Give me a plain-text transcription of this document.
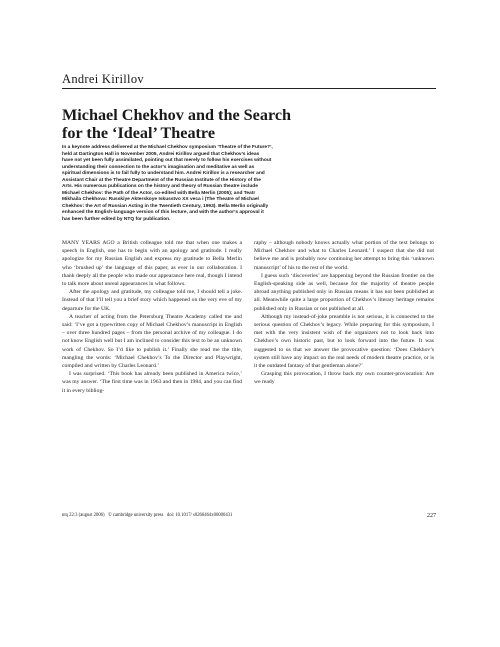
Andrei Kirillov
Michael Chekhov and the Search
for the ‘Ideal’ Theatre
In a keynote address delivered at the Michael Chekhov symposium ‘Theatre of the Future?’,
held at Dartington Hall in November 2005, Andrei Kirillov argued that Chekhov’s ideas
have not yet been fully assimilated, pointing out that merely to follow his exercises without
understanding their connection to the actor’s imagination and meditative as well as
spiritual dimensions is to fail fully to understand him. Andrei Kirillov is a researcher and
Assistant Chair at the Theatre Department of the Russian Institute of the History of the
Arts. His numerous publications on the history and theory of Russian theatre include
Michael Chekhov: the Path of the Actor, co-edited with Bella Merlin (2005); and Teatr
Mikhaila Chekhova: Russkiye Akterskoye Iskusstvo XX veca i (The Theatre of Michael
Chekhov: the Art of Russian Acting in the Twentieth Century, 1993). Bella Merlin originally
enhanced the English-language version of this lecture, and with the author’s approval it
has been further edited by NTQ for publication.

MANY YEARS AGO a British colleague told me that when one makes a speech in English, one has to begin with an apology and gratitude. I really apologize for my Russian English and express my gratitude to Bella Merlin who ‘brushed up’ the language of this paper, as ever in our collaboration. I thank deeply all the people who made our appearance here real, though I intend to talk more about unreal appearances in what follows.

After the apology and gratitude, my colleague told me, I should tell a joke. Instead of that I’ll tell you a brief story which happened on the very eve of my departure for the UK.

A teacher of acting from the Petersburg Theatre Academy called me and said: ‘I’ve got a typewritten copy of Michael Chekhov’s manuscript in English – over three hundred pages – from the personal archive of my colleague. I do not know English well but I am inclined to consider this text to be an unknown work of Chekhov. So I’d like to publish it.’ Finally she read me the title, mangling the words: ‘Michael Chekhov’s To the Director and Playwright, compiled and written by Charles Leonard.’

I was surprised. ‘This book has already been published in America twice,’ was my answer. ‘The first time was in 1963 and then in 1984, and you can find it in every bibliog-

raphy – although nobody knows actually what portion of the text belongs to Michael Chekhov and what to Charles Leonard.’ I suspect that she did not believe me and is probably now continuing her attempt to bring this ‘unknown manuscript’ of his to the rest of the world.

I guess such ‘discoveries’ are happening beyond the Russian frontier on the English-speaking side as well, because for the majority of theatre people abroad anything published only in Russian means it has not been published at all. Meanwhile quite a large proportion of Chekhov’s literary heritage remains published only in Russian or not published at all.

Although my instead-of-joke preamble is not serious, it is connected to the serious question of Chekhov’s legacy. While preparing for this symposium, I met with the very insistent wish of the organizers not to look back into Chekhov’s own historic past, but to look forward into the future. It was suggested to us that we answer the provocative question: ‘Does Chekhov’s system still have any impact on the real needs of modern theatre practice, or is it the outdated fantasy of that gentleman alone?’

Grasping this provocation, I throw back my own counter-provocation: Are we ready

ntq 22:3 (august 2006) © cambridge university press doi: 10.1017/ s0266464x06000431	227
